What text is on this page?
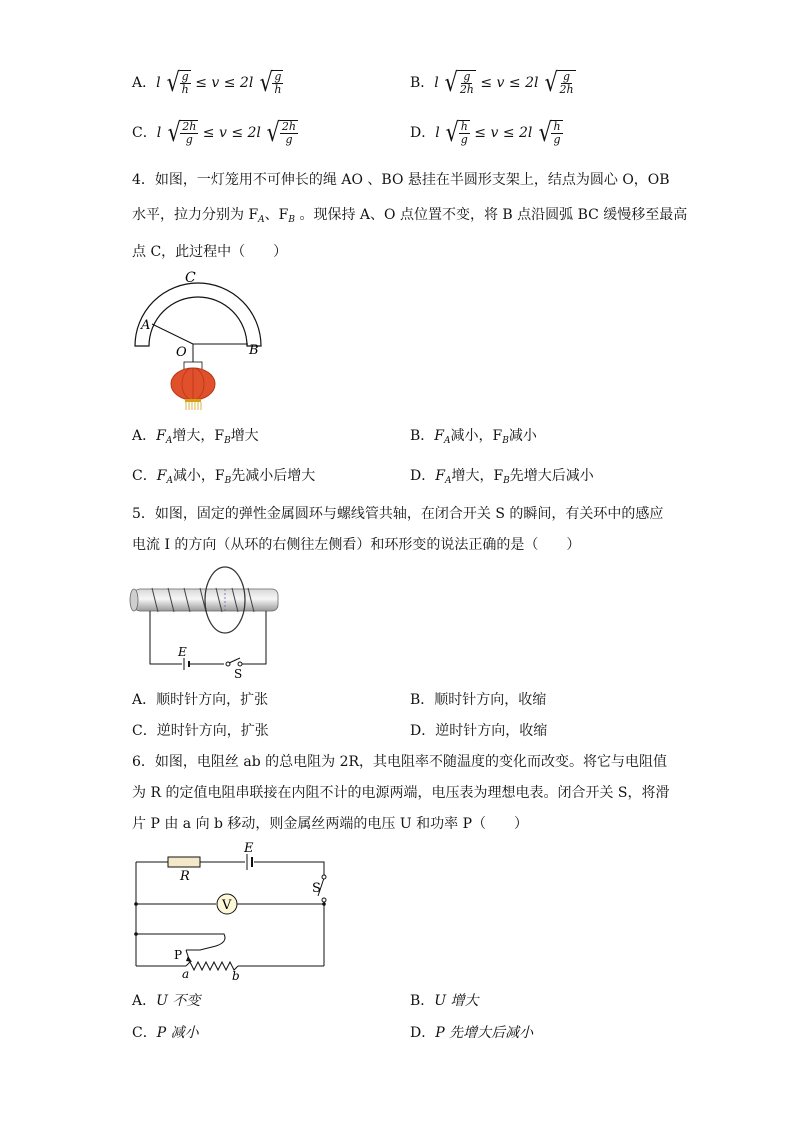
A．l √ $\frac{g}{h} \le v \le 2l$ √ $\frac{g}{h}$	B．l √ $\frac{g}{2h} \le v \le 2l$ √ $\frac{g}{2h}$
C．l √ $\frac{2h}{g} \le v \le 2l$ √ $\frac{2h}{g}$	D．l √ $\frac{h}{g} \le v \le 2l$ √ $\frac{h}{g}$
4．如图，一灯笼用不可伸长的绳 AO 、BO 悬挂在半圆形支架上，结点为圆心 O，OB
水平，拉力分别为 $F_A$、$F_B$ 。现保持 A、O 点位置不变，将 B 点沿圆弧 BC 缓慢移至最高
点 C，此过程中（　　）
C
A
O	B
A．$F_A$增大，$F_B$增大	B．$F_A$减小，$F_B$减小
C．$F_A$减小，$F_B$先减小后增大	D．$F_A$增大，$F_B$先增大后减小
5．如图，固定的弹性金属圆环与螺线管共轴，在闭合开关 S 的瞬间，有关环中的感应
电流 I 的方向（从环的右侧往左侧看）和环形变的说法正确的是（　　）
E
S
A．顺时针方向，扩张	B．顺时针方向，收缩
C．逆时针方向，扩张	D．逆时针方向，收缩
6．如图，电阻丝 ab 的总电阻为 2R，其电阻率不随温度的变化而改变。将它与电阻值
为 R 的定值电阻串联接在内阻不计的电源两端，电压表为理想电表。闭合开关 S，将滑
片 P 由 a 向 b 移动，则金属丝两端的电压 U 和功率 P（　　）
R
E
S
V
P
a	b
A．U 不变	B．U 增大
C．P 减小	D．P 先增大后减小
